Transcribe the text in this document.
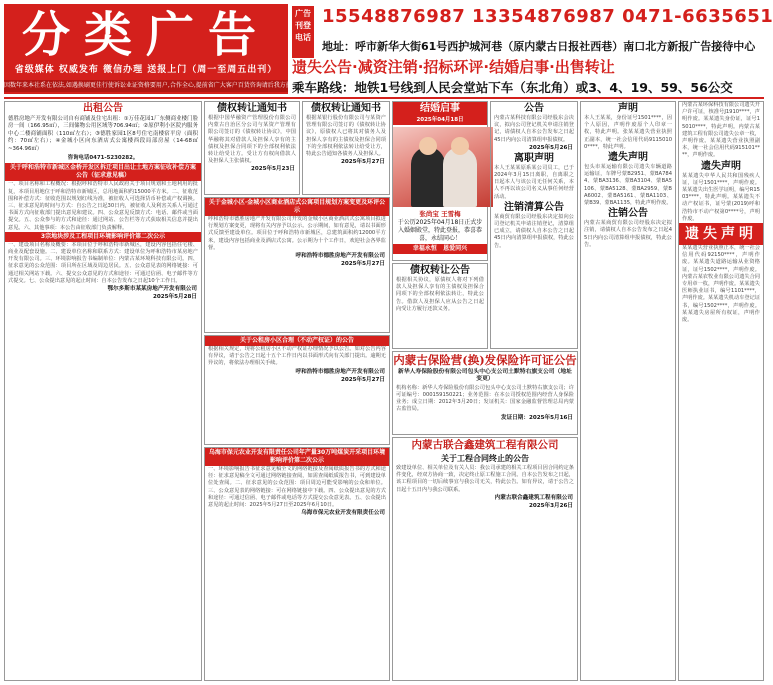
分类广告
省级媒体 权威发布 微信办理 送报上门（周一至周五出刊）
因数年来本社系在依法,如遇换刷更佳行使诉讼业证资格要用户,合作全心,提前省广大客户百货咨询请后我方提前联系办理好办法
广告刊登电话
15548876987 13354876987 0471-6635651
地址：呼市新华大街61号西护城河巷（原内蒙古日报社西巷）南口北方新报广告接待中心
遗失公告·减资注销·招标环评·结婚启事·出售转让
乘车路线：地铁1号线到人民会堂站下车（东北角）或3、4、19、59、56公交
出租公告
德胜房地产开发有限公司自有商铺及住宅出租：①万佳花园1厂东侧商业楼门脸房一间（166.95㎡），三间储物公用区域等706.94㎡；②原伊利小区院内服务中心二楼商铺面积（110㎡左右）；③德胜家园1区8号住宅南楼宿平房（面积约：70㎡左右）；④金城小区向东酒店式公寓楼西段局部房屋（14-68㎡~364.96㎡）
咨询电话0471-5230282。
关于呼和浩特市新城区金桥开发区拆迁项目出让土地方案征收补偿方案公告（征求意见稿）
一、项目名称和工程概况：根据呼和浩特市人民政府关于项目规划和土地利用的批复，本项目用地位于呼和浩特市新城区，总用地面积约15000平方米。二、征收范围和补偿方式：征收范围以规划红线为准，被征收人可选择货币补偿或产权调换。三、征求意见的时间与方式：自公告之日起30日内，被征收人及利害关系人可通过书面方式向征收部门提出意见和建议。四、公众意见反馈方式：电话、邮件或当面提交。五、公众参与的方式和途径：通过网站、公告栏等方式获取相关信息并提出意见。六、其他事项：本公告由征收部门负责解释。
3宗地块涉及工程项目环境影响评价第二次公示
一、建设项目名称及概要：本项目位于呼和浩特市新城区，建设内容包括住宅楼、商业及配套设施。二、建设单位名称和联系方式：建设单位为呼和浩特市某房地产开发有限公司。三、环境影响报告书编制单位：内蒙古某环境科技有限公司。四、征求意见的公众范围：项目所在区域及周边居民。五、公众意见表的网络链接：可通过相关网站下载。六、提交公众意见的方式和途径：可通过信函、电子邮件等方式提交。七、公众提出意见的起止时间：自本公告发布之日起10个工作日。
鄂尔多斯市某某房地产开发有限公司
2025年5月28日
债权转让通知书
根据中国华融资产管理股份有限公司内蒙古自治区分公司与某资产管理有限公司签订的《债权转让协议》，中国华融将其对借款人及担保人享有的主债权及担保合同项下的全部权利依法转让给受让方。受让方有权向借款人及担保人主张债权。
2025年5月23日
关于金城小区·金城小区商业酒店式公寓项目规划方案变更及环评公示
呼和浩特市德胜房地产开发有限公司开发的金城小区商业酒店式公寓项目拟进行规划方案变更，现将有关内容予以公示。公示期间，如有意见，请以书面形式反馈至建设单位。项目位于呼和浩特市新城区，总建筑面积约12000平方米，建设内容包括商业及酒店式公寓。公示期为十个工作日，欢迎社会各界监督。
呼和浩特市德胜房地产开发有限公司
2025年5月27日
关于公租房小区合理（不动产权证）的公告
根据相关规定，现将公租房小区不动产权证办理情况予以公告。如对公告内容有异议，请于公告之日起十五个工作日内以书面形式向有关部门提出。逾期无异议的，将依法办理相关手续。
呼和浩特市德胜房地产开发有限公司
2025年5月27日
债权转让通知书
根据某银行股份有限公司与某资产管理有限公司签订的《债权转让协议》，原债权人已将其对债务人及担保人享有的主债权及担保合同项下的全部权利依法转让给受让方，特此公告通知各债务人及担保人。
2025年5月27日
乌海市保元农业开发有限责任公司年产量30万吨煤炭开采项目环境影响评价第二次公示
一、环境影响报告书征求意见稿全文的网络链接及查阅纸质报告书的方式和途径：征求意见稿全文可通过网络链接查阅，如需查阅纸质报告书，可到建设单位处查阅。二、征求意见的公众范围：项目周边可能受影响的公众和单位。三、公众意见表的网络链接：可在网络链接中下载。四、公众提出意见的方式和途径：可通过信函、电子邮件或电话等方式提交公众意见表。五、公众提出意见的起止时间：2025年5月27日至2025年6月10日。
乌海市保元农业开发有限责任公司
结婚启事
2025年04月18日
张尚宝 王雪梅
于公历2025年04月18日正式步入婚姻殿堂，特此登报，恭喜恭喜，永结同心！
幸福永恒 恩爱同兴
债权转让公告
根据相关协议，原债权人将对下列借款人及担保人享有的主债权及担保合同项下的全部权利依法转让，特此公告。借款人及担保人应从公告之日起向受让方履行还款义务。
公告
内蒙古某科技有限公司经股东会决议，拟向公司登记机关申请注销登记，请债权人自本公告发布之日起45日内向公司清算组申报债权。
2025年5月26日
离职声明
本人王某某原系某公司员工，已于2024年3月15日离职，自离职之日起本人与该公司无任何关系，本人不再以该公司名义从事任何经营活动。
注销清算公告
某商贸有限公司经股东决定拟向公司登记机关申请注销登记，清算组已成立，请债权人自本公告之日起45日内向清算组申报债权，特此公告。
内蒙古保险营(换)发保险许可证公告
新华人寿保险股份有限公司包头中心支公司土默特右旗支公司（地址变更）
机构名称：新华人寿保险股份有限公司包头中心支公司土默特右旗支公司；许可证编号：000159150221；业务范围：在本公司授权范围内经营人身保险业务；成立日期：2012年3月20日；发证机关：国家金融监督管理总局内蒙古监管局。
发证日期：2025年5月16日
内蒙古联合鑫建筑工程有限公司
关于工程合同终止的公告
致建设单位、相关单位及有关人员：我公司承建的相关工程项目因合同约定条件变化，经双方协商一致，决定终止原工程施工合同。自本公告发布之日起，该工程项目的一切后续事宜与我公司无关，特此公告。如有异议，请于公告之日起十五日内与我公司联系。
内蒙古联合鑫建筑工程有限公司
2025年3月26日
声明
本人王某某，身份证号1501****，因个人原因，声明作废原个人印章一枚，特此声明。张某某遗失营业执照正副本，统一社会信用代码91150100****，特此声明。
遗失声明
包头市某运输有限公司遗失车辆道路运输证，车牌号蒙B2951、蒙BA7844、蒙BA3136、蒙BA3104、蒙BA5106、蒙BA5128、蒙BA2959、蒙BA6002、蒙BA5161、蒙BA1103、蒙B39、蒙BA1135，特此声明作废。
注销公告
内蒙古某商贸有限公司经股东决定拟注销，请债权人自本公告发布之日起45日内向公司清算组申报债权，特此公告。
内蒙古某环保科技有限公司遗失开户许可证，核准号J1910****，声明作废。某某遗失身份证，证号15010****，特此声明。内蒙古某建筑工程有限公司遗失公章一枚，声明作废。某某遗失营业执照副本，统一社会信用代码915101****，声明作废。
遗失声明
某某遗失中华人民共和国残疾人证，证号1501****，声明作废。某某遗失出生医学证明，编号R1503****，特此声明。某某遗失不动产权证书，证号蒙(2019)呼和浩特市不动产权第0****号，声明作废。
遗失声明
某某遗失营业执照正本，统一社会信用代码92150****，声明作废。某某遗失道路运输从业资格证，证号1502****，声明作废。内蒙古某农牧业有限公司遗失合同专用章一枚，声明作废。某某遗失医师执业证书，编号1101****，声明作废。某某遗失机动车登记证书，编号1502****，声明作废。某某遗失房屋所有权证，声明作废。
